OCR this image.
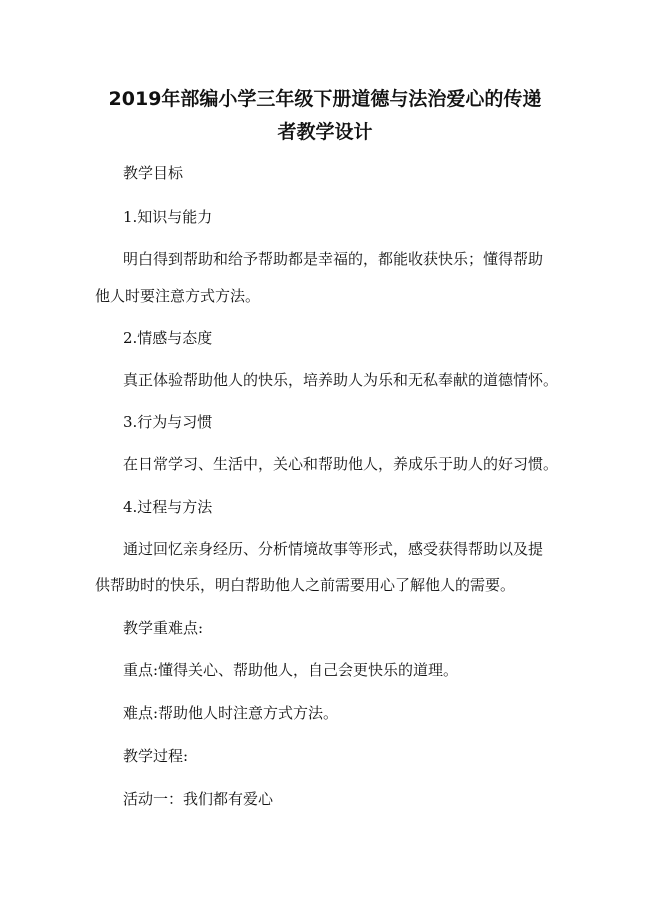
2019年部编小学三年级下册道德与法治爱心的传递
者教学设计
教学目标
1.知识与能力
明白得到帮助和给予帮助都是幸福的，都能收获快乐；懂得帮助
他人时要注意方式方法。
2.情感与态度
真正体验帮助他人的快乐，培养助人为乐和无私奉献的道德情怀。
3.行为与习惯
在日常学习、生活中，关心和帮助他人，养成乐于助人的好习惯。
4.过程与方法
通过回忆亲身经历、分析情境故事等形式，感受获得帮助以及提
供帮助时的快乐，明白帮助他人之前需要用心了解他人的需要。
教学重难点:
重点:懂得关心、帮助他人，自己会更快乐的道理。
难点:帮助他人时注意方式方法。
教学过程:
活动一：我们都有爱心
